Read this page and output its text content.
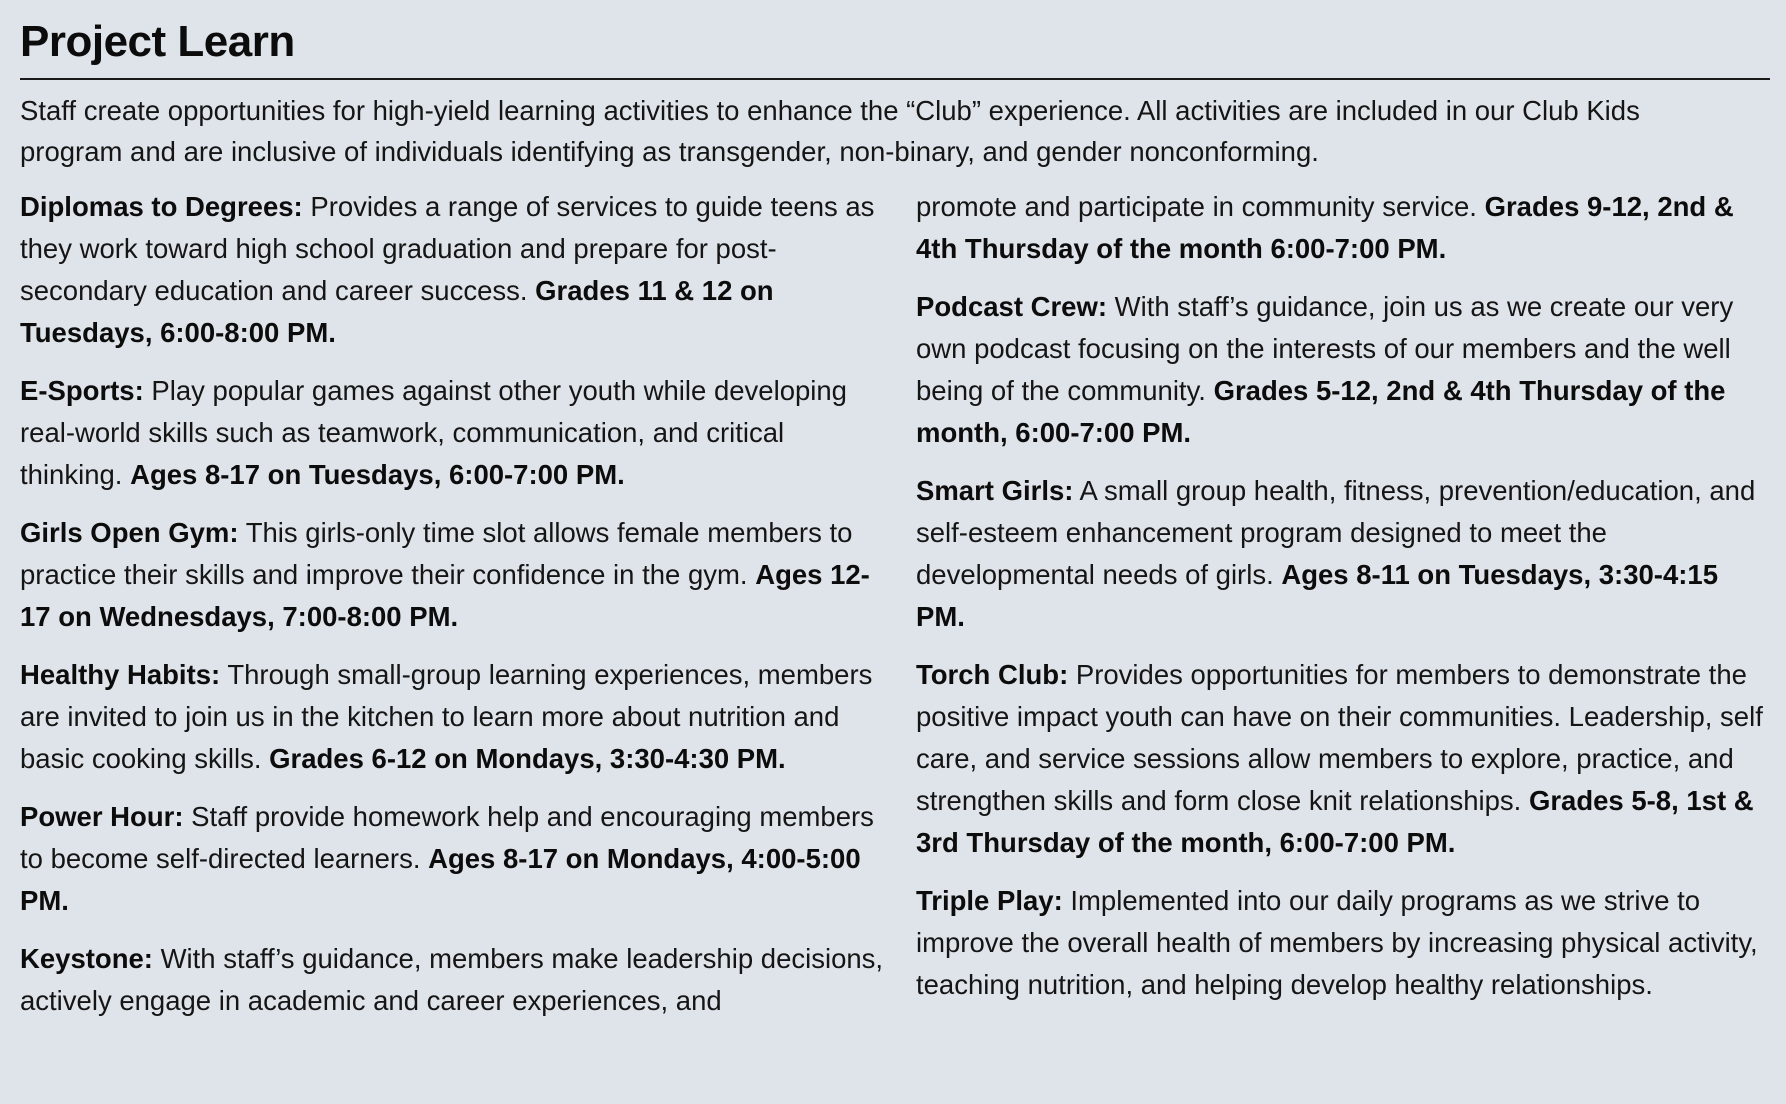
Project Learn

Staff create opportunities for high-yield learning activities to enhance the “Club” experience. All activities are included in our Club Kids program and are inclusive of individuals identifying as transgender, non-binary, and gender nonconforming.

Diplomas to Degrees: Provides a range of services to guide teens as they work toward high school graduation and prepare for post-secondary education and career success. Grades 11 & 12 on Tuesdays, 6:00-8:00 PM.

E-Sports: Play popular games against other youth while developing real-world skills such as teamwork, communication, and critical thinking. Ages 8-17 on Tuesdays, 6:00-7:00 PM.

Girls Open Gym: This girls-only time slot allows female members to practice their skills and improve their confidence in the gym. Ages 12-17 on Wednesdays, 7:00-8:00 PM.

Healthy Habits: Through small-group learning experiences, members are invited to join us in the kitchen to learn more about nutrition and basic cooking skills. Grades 6-12 on Mondays, 3:30-4:30 PM.

Power Hour: Staff provide homework help and encouraging members to become self-directed learners. Ages 8-17 on Mondays, 4:00-5:00 PM.

Keystone: With staff’s guidance, members make leadership decisions, actively engage in academic and career experiences, and

promote and participate in community service. Grades 9-12, 2nd & 4th Thursday of the month 6:00-7:00 PM.

Podcast Crew: With staff’s guidance, join us as we create our very own podcast focusing on the interests of our members and the well being of the community. Grades 5-12, 2nd & 4th Thursday of the month, 6:00-7:00 PM.

Smart Girls: A small group health, fitness, prevention/education, and self-esteem enhancement program designed to meet the developmental needs of girls. Ages 8-11 on Tuesdays, 3:30-4:15 PM.

Torch Club: Provides opportunities for members to demonstrate the positive impact youth can have on their communities. Leadership, self care, and service sessions allow members to explore, practice, and strengthen skills and form close knit relationships. Grades 5-8, 1st & 3rd Thursday of the month, 6:00-7:00 PM.

Triple Play: Implemented into our daily programs as we strive to improve the overall health of members by increasing physical activity, teaching nutrition, and helping develop healthy relationships.
